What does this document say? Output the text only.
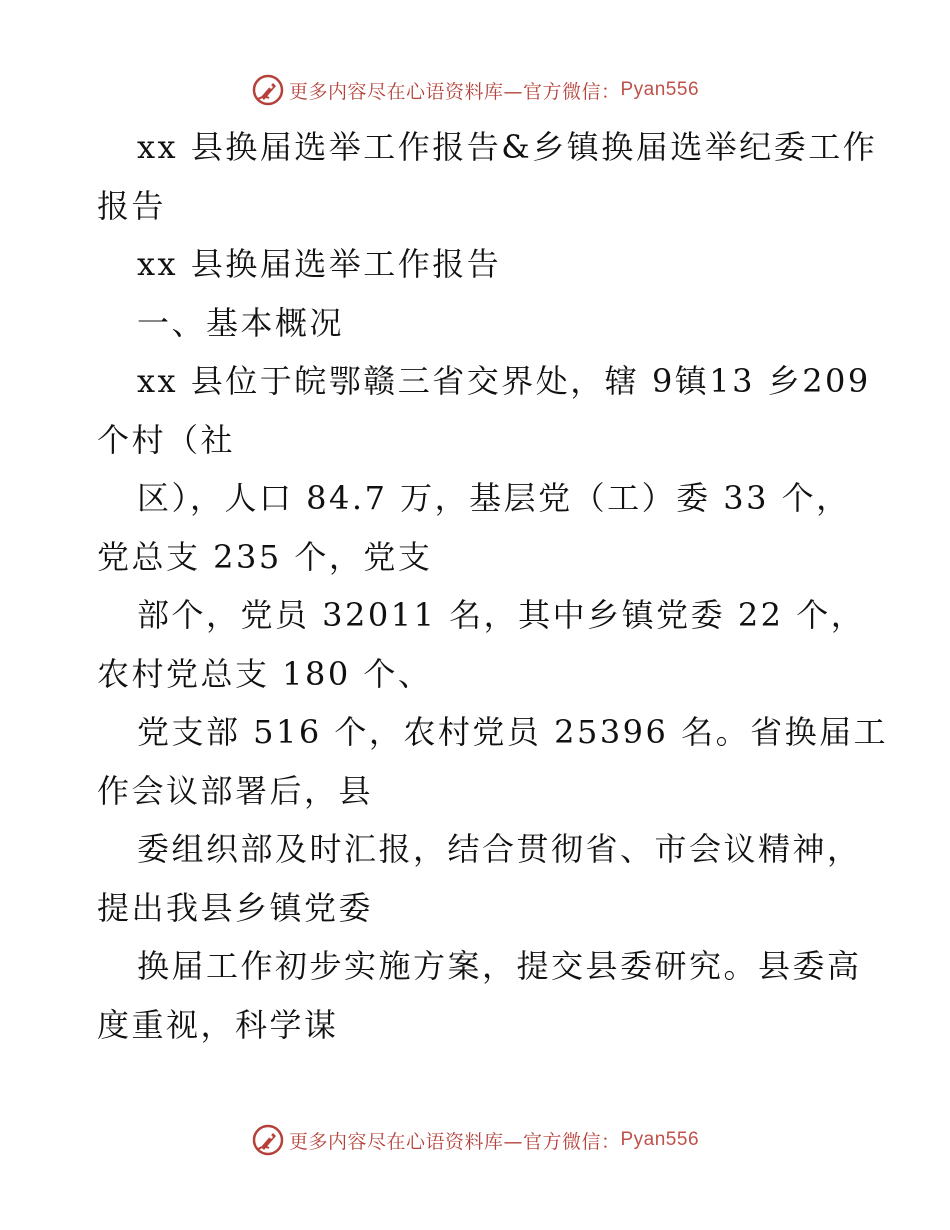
更多内容尽在心语资料库—官方微信： Pyan556

xx 县换届选举工作报告&乡镇换届选举纪委工作

报告

xx 县换届选举工作报告

一、基本概况

xx 县位于皖鄂赣三省交界处，辖 9镇13 乡209

个村（社

区），人口 84.7 万，基层党（工）委 33 个，

党总支 235 个，党支

部个，党员 32011 名，其中乡镇党委 22 个，

农村党总支 180 个、

党支部 516 个，农村党员 25396 名。省换届工

作会议部署后，县

委组织部及时汇报，结合贯彻省、市会议精神，

提出我县乡镇党委

换届工作初步实施方案，提交县委研究。县委高

度重视，科学谋

更多内容尽在心语资料库—官方微信： Pyan556
